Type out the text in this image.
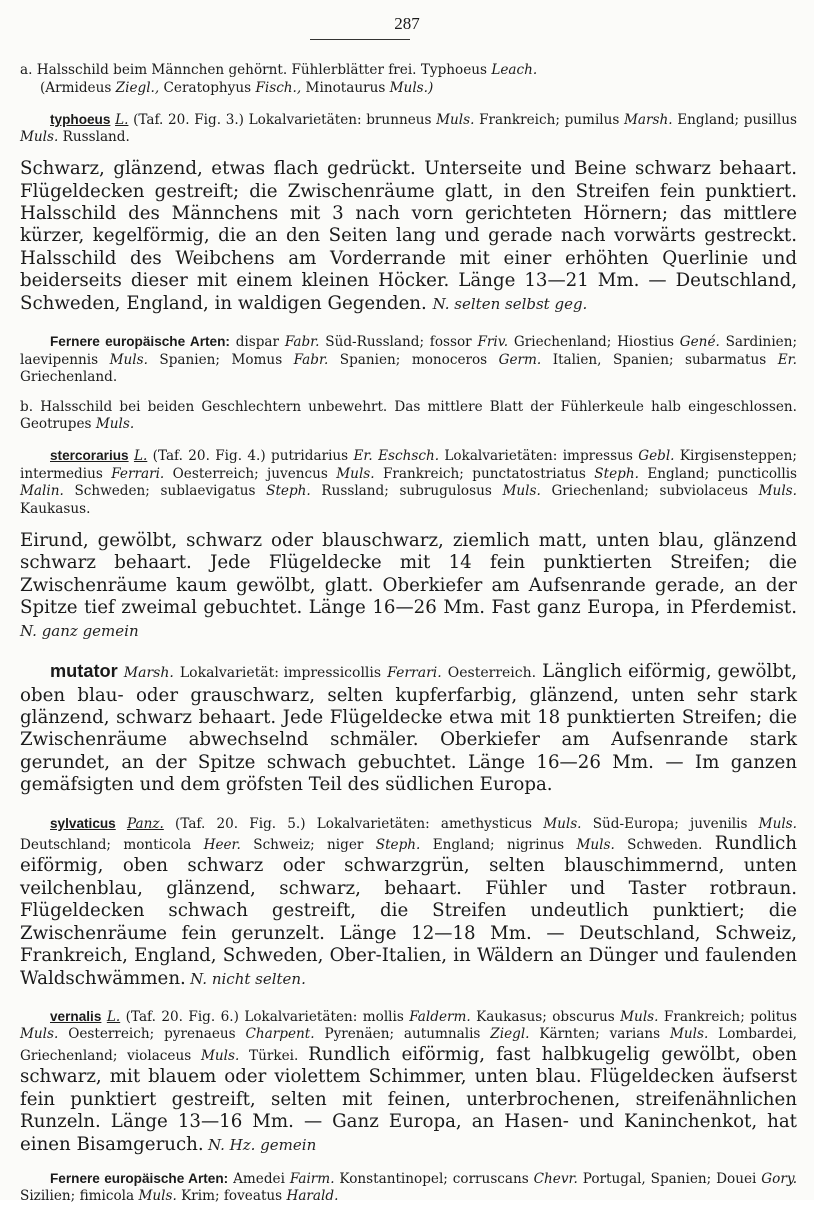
287

a. Halsschild beim Männchen gehörnt. Fühlerblätter frei. Typhoeus Leach.

(Armideus Ziegl., Ceratophyus Fisch., Minotaurus Muls.)

typhoeus L. (Taf. 20. Fig. 3.) Lokalvarietäten: brunneus Muls. Frankreich; pumilus Marsh. England; pusillus Muls. Russland.

Schwarz, glänzend, etwas flach gedrückt. Unterseite und Beine schwarz behaart. Flügeldecken gestreift; die Zwischenräume glatt, in den Streifen fein punktiert. Halsschild des Männchens mit 3 nach vorn gerichteten Hörnern; das mittlere kürzer, kegelförmig, die an den Seiten lang und gerade nach vorwärts gestreckt. Halsschild des Weibchens am Vorderrande mit einer erhöhten Querlinie und beiderseits dieser mit einem kleinen Höcker. Länge 13—21 Mm. — Deutschland, Schweden, England, in waldigen Gegenden. N. selten selbst geg.

Fernere europäische Arten: dispar Fabr. Süd-Russland; fossor Friv. Griechenland; Hiostius Gené. Sardinien; laevipennis Muls. Spanien; Momus Fabr. Spanien; monoceros Germ. Italien, Spanien; subarmatus Er. Griechenland.

b. Halsschild bei beiden Geschlechtern unbewehrt. Das mittlere Blatt der Fühlerkeule halb eingeschlossen. Geotrupes Muls.

stercorarius L. (Taf. 20. Fig. 4.) putridarius Er. Eschsch. Lokalvarietäten: impressus Gebl. Kirgisensteppen; intermedius Ferrari. Oesterreich; juvencus Muls. Frankreich; punctatostriatus Steph. England; puncticollis Malin. Schweden; sublaevigatus Steph. Russland; subrugulosus Muls. Griechenland; subviolaceus Muls. Kaukasus.

Eirund, gewölbt, schwarz oder blauschwarz, ziemlich matt, unten blau, glänzend schwarz behaart. Jede Flügeldecke mit 14 fein punktierten Streifen; die Zwischenräume kaum gewölbt, glatt. Oberkiefer am Aufsenrande gerade, an der Spitze tief zweimal gebuchtet. Länge 16—26 Mm. Fast ganz Europa, in Pferdemist. N. ganz gemein

mutator Marsh. Lokalvarietät: impressicollis Ferrari. Oesterreich. Länglich eiförmig, gewölbt, oben blau- oder grauschwarz, selten kupferfarbig, glänzend, unten sehr stark glänzend, schwarz behaart. Jede Flügeldecke etwa mit 18 punktierten Streifen; die Zwischenräume abwechselnd schmäler. Oberkiefer am Aufsenrande stark gerundet, an der Spitze schwach gebuchtet. Länge 16—26 Mm. — Im ganzen gemäfsigten und dem gröfsten Teil des südlichen Europa.

sylvaticus Panz. (Taf. 20. Fig. 5.) Lokalvarietäten: amethysticus Muls. Süd-Europa; juvenilis Muls. Deutschland; monticola Heer. Schweiz; niger Steph. England; nigrinus Muls. Schweden. Rundlich eiförmig, oben schwarz oder schwarzgrün, selten blauschimmernd, unten veilchenblau, glänzend, schwarz, behaart. Fühler und Taster rotbraun. Flügeldecken schwach gestreift, die Streifen undeutlich punktiert; die Zwischenräume fein gerunzelt. Länge 12—18 Mm. — Deutschland, Schweiz, Frankreich, England, Schweden, Ober-Italien, in Wäldern an Dünger und faulenden Waldschwämmen. N. nicht selten.

vernalis L. (Taf. 20. Fig. 6.) Lokalvarietäten: mollis Falderm. Kaukasus; obscurus Muls. Frankreich; politus Muls. Oesterreich; pyrenaeus Charpent. Pyrenäen; autumnalis Ziegl. Kärnten; varians Muls. Lombardei, Griechenland; violaceus Muls. Türkei. Rundlich eiförmig, fast halbkugelig gewölbt, oben schwarz, mit blauem oder violettem Schimmer, unten blau. Flügeldecken äufserst fein punktiert gestreift, selten mit feinen, unterbrochenen, streifenähnlichen Runzeln. Länge 13—16 Mm. — Ganz Europa, an Hasen- und Kaninchenkot, hat einen Bisamgeruch. N. Hz. gemein

Fernere europäische Arten: Amedei Fairm. Konstantinopel; corruscans Chevr. Portugal, Spanien; Douei Gory. Sizilien; fimicola Muls. Krim; foveatus Harald.
